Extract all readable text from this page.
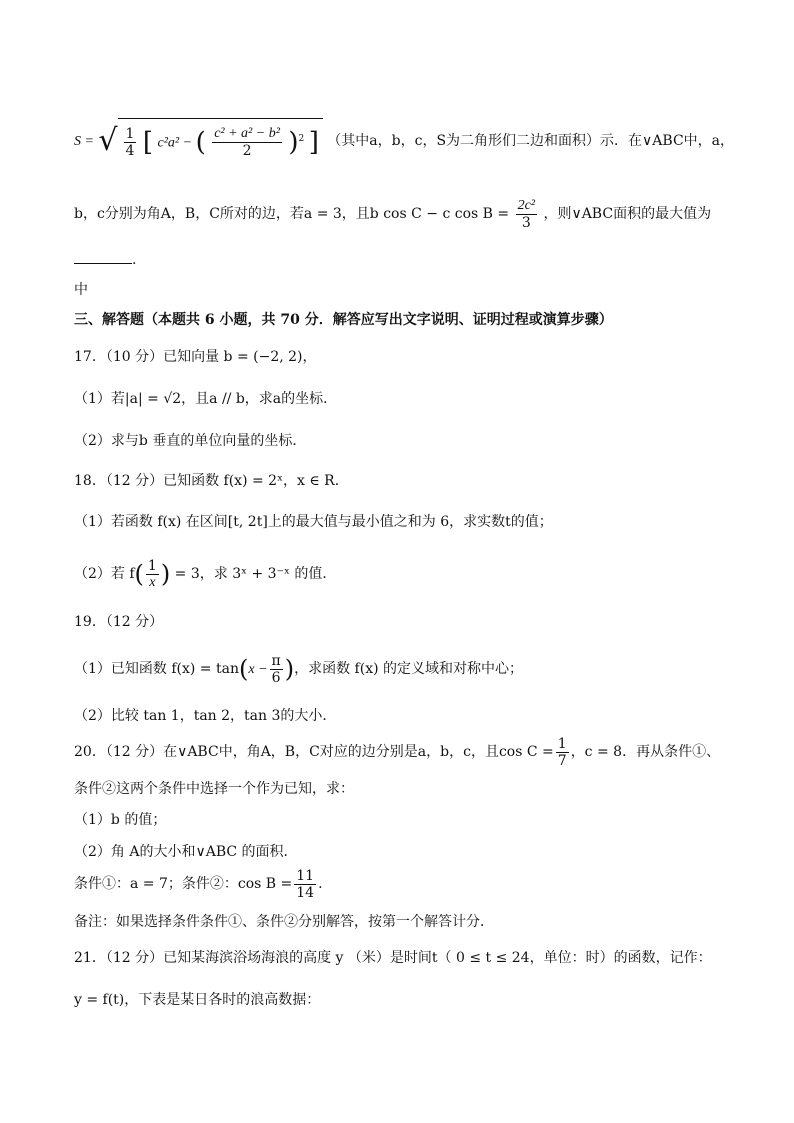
S = √ $\frac{1}{4}$ [ c²a² − ( $\frac{\text{c² + a² − b²}}{2} )^2$ ] （其中a，b，c，S为二角形们二边和面积）示．在∨ABC中，a，
b，c分别为角A，B，C所对的边，若a = 3，且b cos C − c $\cos B = \frac{\text{2c²}}{3}$ ，则∨ABC面积的最大值为
.
中
三、解答题（本题共 6 小题，共 70 分．解答应写出文字说明、证明过程或演算步骤）
17．（10 分）已知向量 b = (−2, 2)，
（1）若|a| = √2，且a // b，求a的坐标．
（2）求与b 垂直的单位向量的坐标．
18．（12 分）已知函数 f(x) = 2ˣ，x ∈ R．
（1）若函数 f(x) 在区间[t, 2t]上的最大值与最小值之和为 6，求实数t的值；
（2）若 $f( \frac{1}{x}$ ) = 3，求 3ˣ + 3⁻ˣ 的值．
19．（12 分）
（1）已知函数 $f(x) = \tan(x - \frac{\pi}{6}$ )，求函数 f(x) 的定义域和对称中心；
（2）比较 tan 1，tan 2，tan 3的大小．
20．（12 分）在∨ABC中，角A，B，C对应的边分别是a，b，c，且$\cos C = \frac{1}{7}$ ，c = 8．再从条件①、
条件②这两个条件中选择一个作为已知，求：
（1）b 的值；
（2）角 A的大小和∨ABC 的面积．
条件①：a = 7；条件②：$\cos B = \frac{11}{14}$ .
备注：如果选择条件条件①、条件②分别解答，按第一个解答计分．
21．（12 分）已知某海滨浴场海浪的高度 y （米）是时间t（ 0 ≤ t ≤ 24，单位：时）的函数，记作：
y = f(t)，下表是某日各时的浪高数据：
